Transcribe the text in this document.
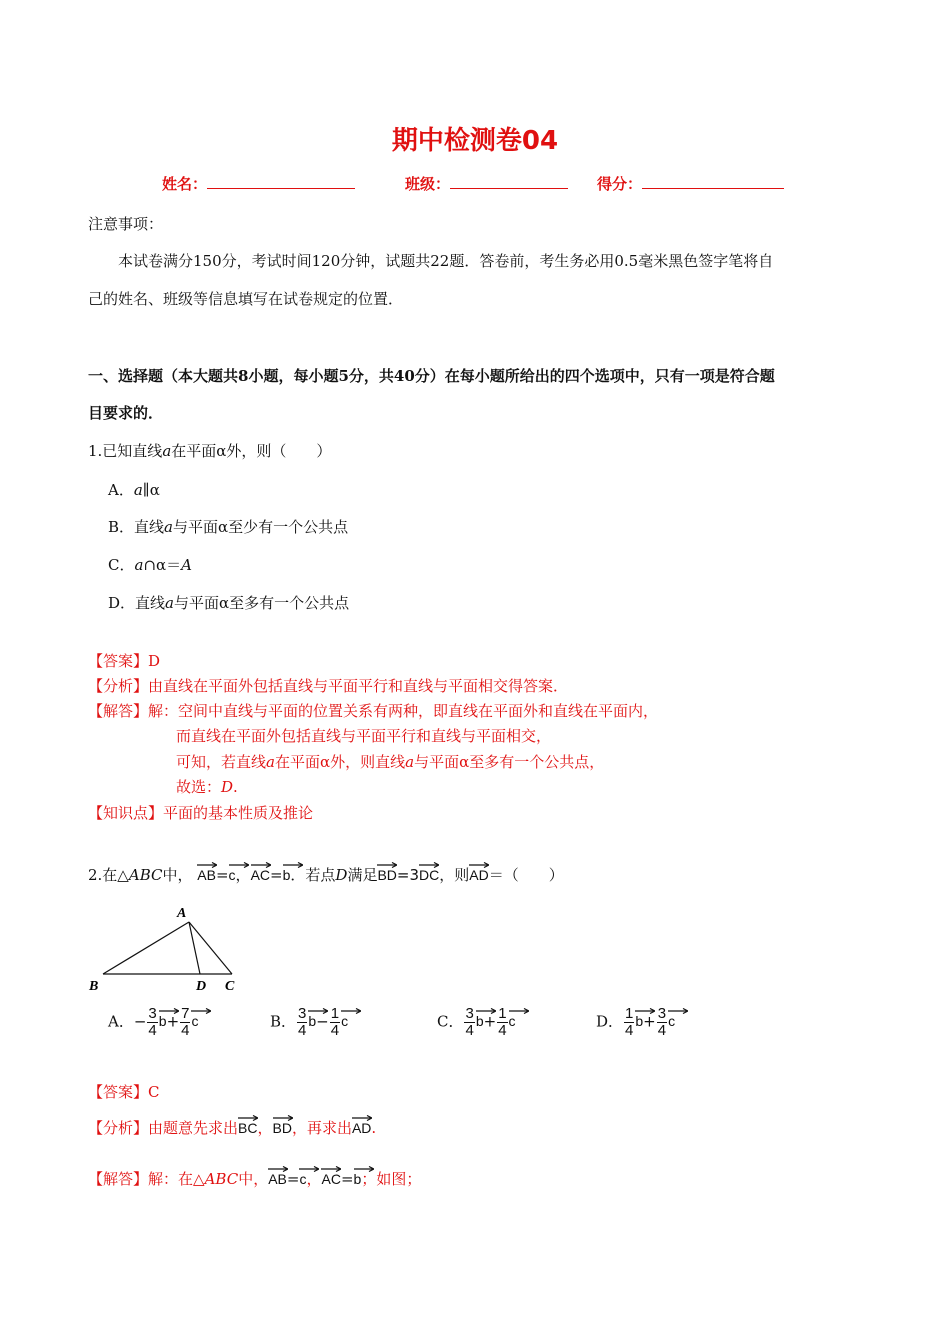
期中检测卷04
姓名：	班级：	得分：
注意事项：
本试卷满分150分，考试时间120分钟，试题共22题．答卷前，考生务必用0.5毫米黑色签字笔将自
己的姓名、班级等信息填写在试卷规定的位置．
一、选择题（本大题共8小题，每小题5分，共40分）在每小题所给出的四个选项中，只有一项是符合题
目要求的．
1.已知直线a在平面α外，则（　　）
A．a∥α
B．直线a与平面α至少有一个公共点
C．a∩α＝A
D．直线a与平面α至多有一个公共点
【答案】D
【分析】由直线在平面外包括直线与平面平行和直线与平面相交得答案．
【解答】解：空间中直线与平面的位置关系有两种，即直线在平面外和直线在平面内，
而直线在平面外包括直线与平面平行和直线与平面相交，
可知，若直线a在平面α外，则直线a与平面α至多有一个公共点，
故选：D.
【知识点】平面的基本性质及推论
2.在△ABC中， AB=
c，
AC=
b．若点D满足
BD=3
DC，则
AD＝（　　）
A
B	D C
A．− $\frac{3}{4} b+ \frac{7}{4}$ c	B． $\frac{3}{4} b- \frac{1}{4}$ c	C． $\frac{3}{4} b+ \frac{1}{4}$ c	D． $\frac{1}{4} b+ \frac{3}{4}$ c
【答案】C
【分析】由题意先求出
BC，
BD，再求出
AD.
【解答】解：在△ABC中，
AB=
c，
AC=
b；如图；
